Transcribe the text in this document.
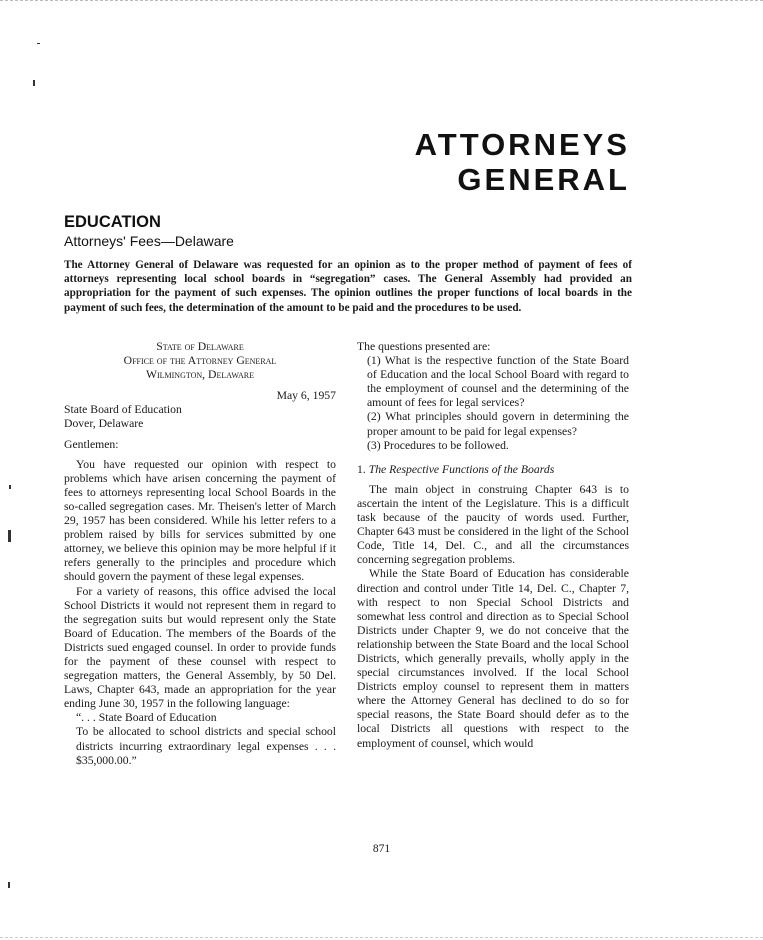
ATTORNEYS
GENERAL
EDUCATION
Attorneys' Fees—Delaware
The Attorney General of Delaware was requested for an opinion as to the proper method of payment of fees of attorneys representing local school boards in “segregation” cases. The General Assembly had provided an appropriation for the payment of such expenses. The opinion outlines the proper functions of local boards in the payment of such fees, the determination of the amount to be paid and the procedures to be used.
State of Delaware
Office of the Attorney General
Wilmington, Delaware
May 6, 1957
State Board of Education
Dover, Delaware
Gentlemen:

You have requested our opinion with respect to problems which have arisen concerning the payment of fees to attorneys representing local School Boards in the so-called segregation cases. Mr. Theisen's letter of March 29, 1957 has been considered. While his letter refers to a problem raised by bills for services submitted by one attorney, we believe this opinion may be more helpful if it refers generally to the principles and procedure which should govern the payment of these legal expenses.

For a variety of reasons, this office advised the local School Districts it would not represent them in regard to the segregation suits but would represent only the State Board of Education. The members of the Boards of the Districts sued engaged counsel. In order to provide funds for the payment of these counsel with respect to segregation matters, the General Assembly, by 50 Del. Laws, Chapter 643, made an appropriation for the year ending June 30, 1957 in the following language:

“. . . State Board of Education

To be allocated to school districts and special school districts incurring extraordinary legal expenses . . . $35,000.00.”

The questions presented are:

(1) What is the respective function of the State Board of Education and the local School Board with regard to the employment of counsel and the determining of the amount of fees for legal services?

(2) What principles should govern in determining the proper amount to be paid for legal expenses?

(3) Procedures to be followed.

1. The Respective Functions of the Boards

The main object in construing Chapter 643 is to ascertain the intent of the Legislature. This is a difficult task because of the paucity of words used. Further, Chapter 643 must be considered in the light of the School Code, Title 14, Del. C., and all the circumstances concerning segregation problems.

While the State Board of Education has considerable direction and control under Title 14, Del. C., Chapter 7, with respect to non Special School Districts and somewhat less control and direction as to Special School Districts under Chapter 9, we do not conceive that the relationship between the State Board and the local School Districts, which generally prevails, wholly apply in the special circumstances involved. If the local School Districts employ counsel to represent them in matters where the Attorney General has declined to do so for special reasons, the State Board should defer as to the local Districts all questions with respect to the employment of counsel, which would

871
